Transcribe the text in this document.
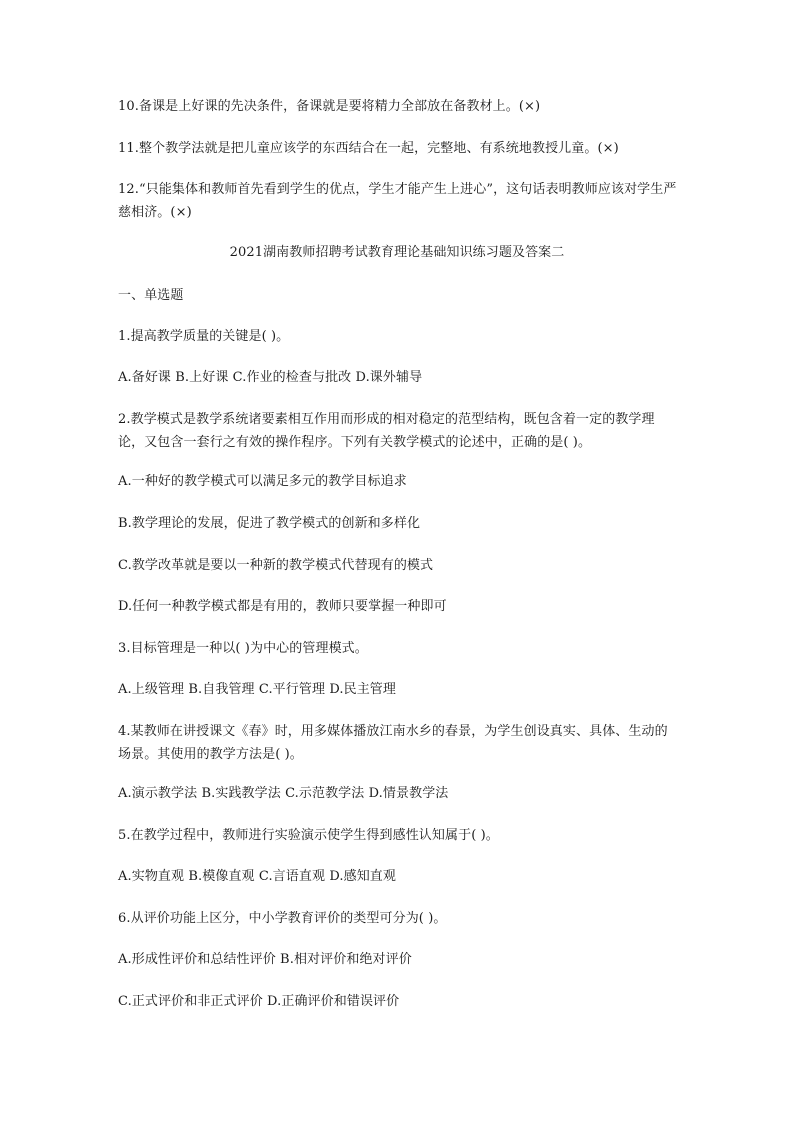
10.备课是上好课的先决条件，备课就是要将精力全部放在备教材上。(×)
11.整个教学法就是把儿童应该学的东西结合在一起，完整地、有系统地教授儿童。(×)
12.“只能集体和教师首先看到学生的优点，学生才能产生上进心”，这句话表明教师应该对学生严慈相济。(×)
2021湖南教师招聘考试教育理论基础知识练习题及答案二
一、单选题
1.提高教学质量的关键是( )。
A.备好课 B.上好课 C.作业的检查与批改 D.课外辅导
2.教学模式是教学系统诸要素相互作用而形成的相对稳定的范型结构，既包含着一定的教学理论，又包含一套行之有效的操作程序。下列有关教学模式的论述中，正确的是( )。
A.一种好的教学模式可以满足多元的教学目标追求
B.教学理论的发展，促进了教学模式的创新和多样化
C.教学改革就是要以一种新的教学模式代替现有的模式
D.任何一种教学模式都是有用的，教师只要掌握一种即可
3.目标管理是一种以( )为中心的管理模式。
A.上级管理 B.自我管理 C.平行管理 D.民主管理
4.某教师在讲授课文《春》时，用多媒体播放江南水乡的春景，为学生创设真实、具体、生动的场景。其使用的教学方法是( )。
A.演示教学法 B.实践教学法 C.示范教学法 D.情景教学法
5.在教学过程中，教师进行实验演示使学生得到感性认知属于( )。
A.实物直观 B.模像直观 C.言语直观 D.感知直观
6.从评价功能上区分，中小学教育评价的类型可分为( )。
A.形成性评价和总结性评价 B.相对评价和绝对评价
C.正式评价和非正式评价 D.正确评价和错误评价
